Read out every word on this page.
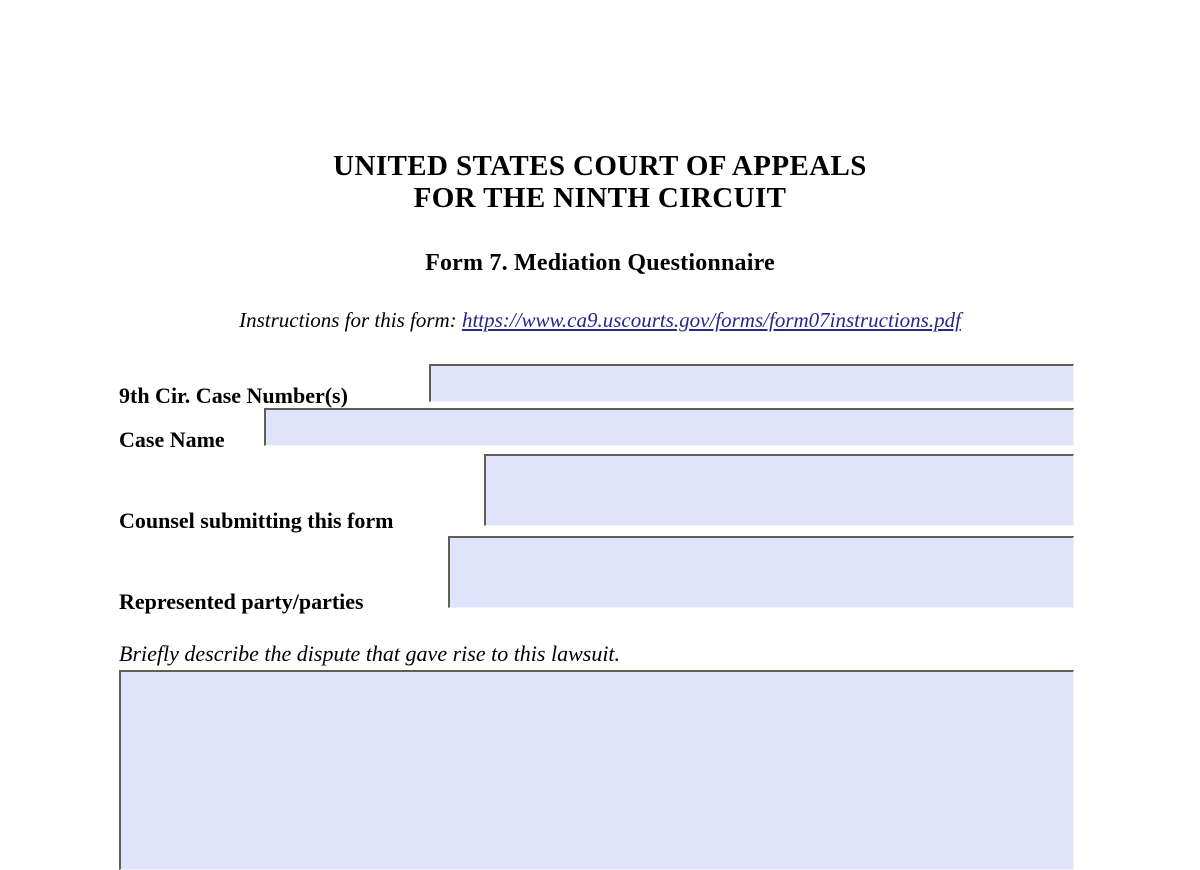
UNITED STATES COURT OF APPEALS
FOR THE NINTH CIRCUIT
Form 7. Mediation Questionnaire
Instructions for this form: https://www.ca9.uscourts.gov/forms/form07instructions.pdf
9th Cir. Case Number(s)
Case Name
Counsel submitting this form
Represented party/parties
Briefly describe the dispute that gave rise to this lawsuit.
